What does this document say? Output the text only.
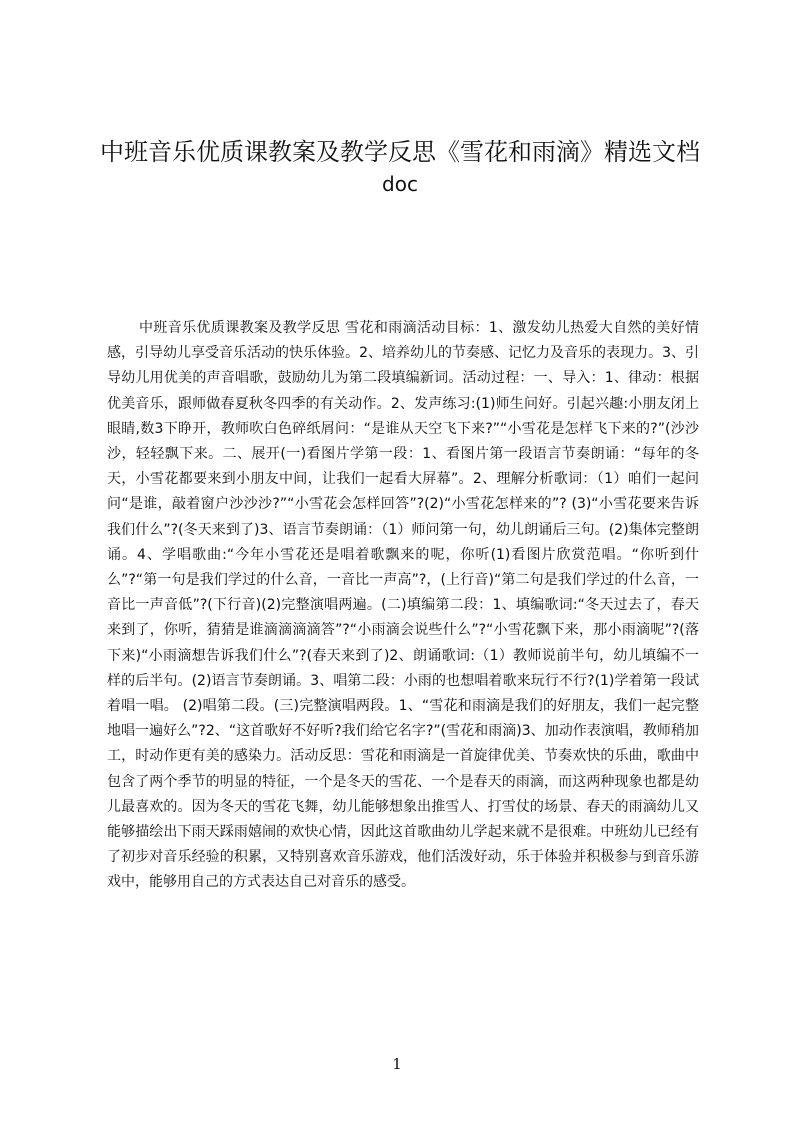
中班音乐优质课教案及教学反思《雪花和雨滴》精选文档
doc

中班音乐优质课教案及教学反思 雪花和雨滴活动目标：1、激发幼儿热爱大自然的美好情感，引导幼儿享受音乐活动的快乐体验。2、培养幼儿的节奏感、记忆力及音乐的表现力。3、引导幼儿用优美的声音唱歌，鼓励幼儿为第二段填编新词。活动过程：一、导入：1、律动：根据优美音乐，跟师做春夏秋冬四季的有关动作。2、发声练习:(1)师生问好。引起兴趣:小朋友闭上眼睛,数3下睁开，教师吹白色碎纸屑问：“是谁从天空飞下来?”“小雪花是怎样飞下来的?”(沙沙沙，轻轻飘下来。二、展开(一)看图片学第一段：1、看图片第一段语言节奏朗诵：“每年的冬天，小雪花都要来到小朋友中间，让我们一起看大屏幕”。2、理解分析歌词：（1）咱们一起问问“是谁，敲着窗户沙沙沙?”“小雪花会怎样回答”?(2)“小雪花怎样来的”? (3)“小雪花要来告诉我们什么”?(冬天来到了)3、语言节奏朗诵：（1）师问第一句，幼儿朗诵后三句。(2)集体完整朗诵。4、学唱歌曲:“今年小雪花还是唱着歌飘来的呢，你听(1)看图片欣赏范唱。“你听到什么”?“第一句是我们学过的什么音，一音比一声高”?，(上行音)“第二句是我们学过的什么音，一音比一声音低”?(下行音)(2)完整演唱两遍。(二)填编第二段：1、填编歌词:“冬天过去了，春天来到了，你听，猜猜是谁滴滴滴滴答”?“小雨滴会说些什么”?“小雪花飘下来，那小雨滴呢”?(落下来)“小雨滴想告诉我们什么”?(春天来到了)2、朗诵歌词:（1）教师说前半句，幼儿填编不一样的后半句。(2)语言节奏朗诵。3、唱第二段：小雨的也想唱着歌来玩行不行?(1)学着第一段试着唱一唱。 (2)唱第二段。(三)完整演唱两段。1、“雪花和雨滴是我们的好朋友，我们一起完整地唱一遍好么”?2、“这首歌好不好听?我们给它名字?”(雪花和雨滴)3、加动作表演唱，教师稍加工，时动作更有美的感染力。活动反思：雪花和雨滴是一首旋律优美、节奏欢快的乐曲，歌曲中包含了两个季节的明显的特征，一个是冬天的雪花、一个是春天的雨滴，而这两种现象也都是幼儿最喜欢的。因为冬天的雪花飞舞，幼儿能够想象出推雪人、打雪仗的场景、春天的雨滴幼儿又能够描绘出下雨天踩雨嬉闹的欢快心情，因此这首歌曲幼儿学起来就不是很难。中班幼儿已经有了初步对音乐经验的积累，又特别喜欢音乐游戏，他们活泼好动，乐于体验并积极参与到音乐游戏中，能够用自己的方式表达自己对音乐的感受。

1
